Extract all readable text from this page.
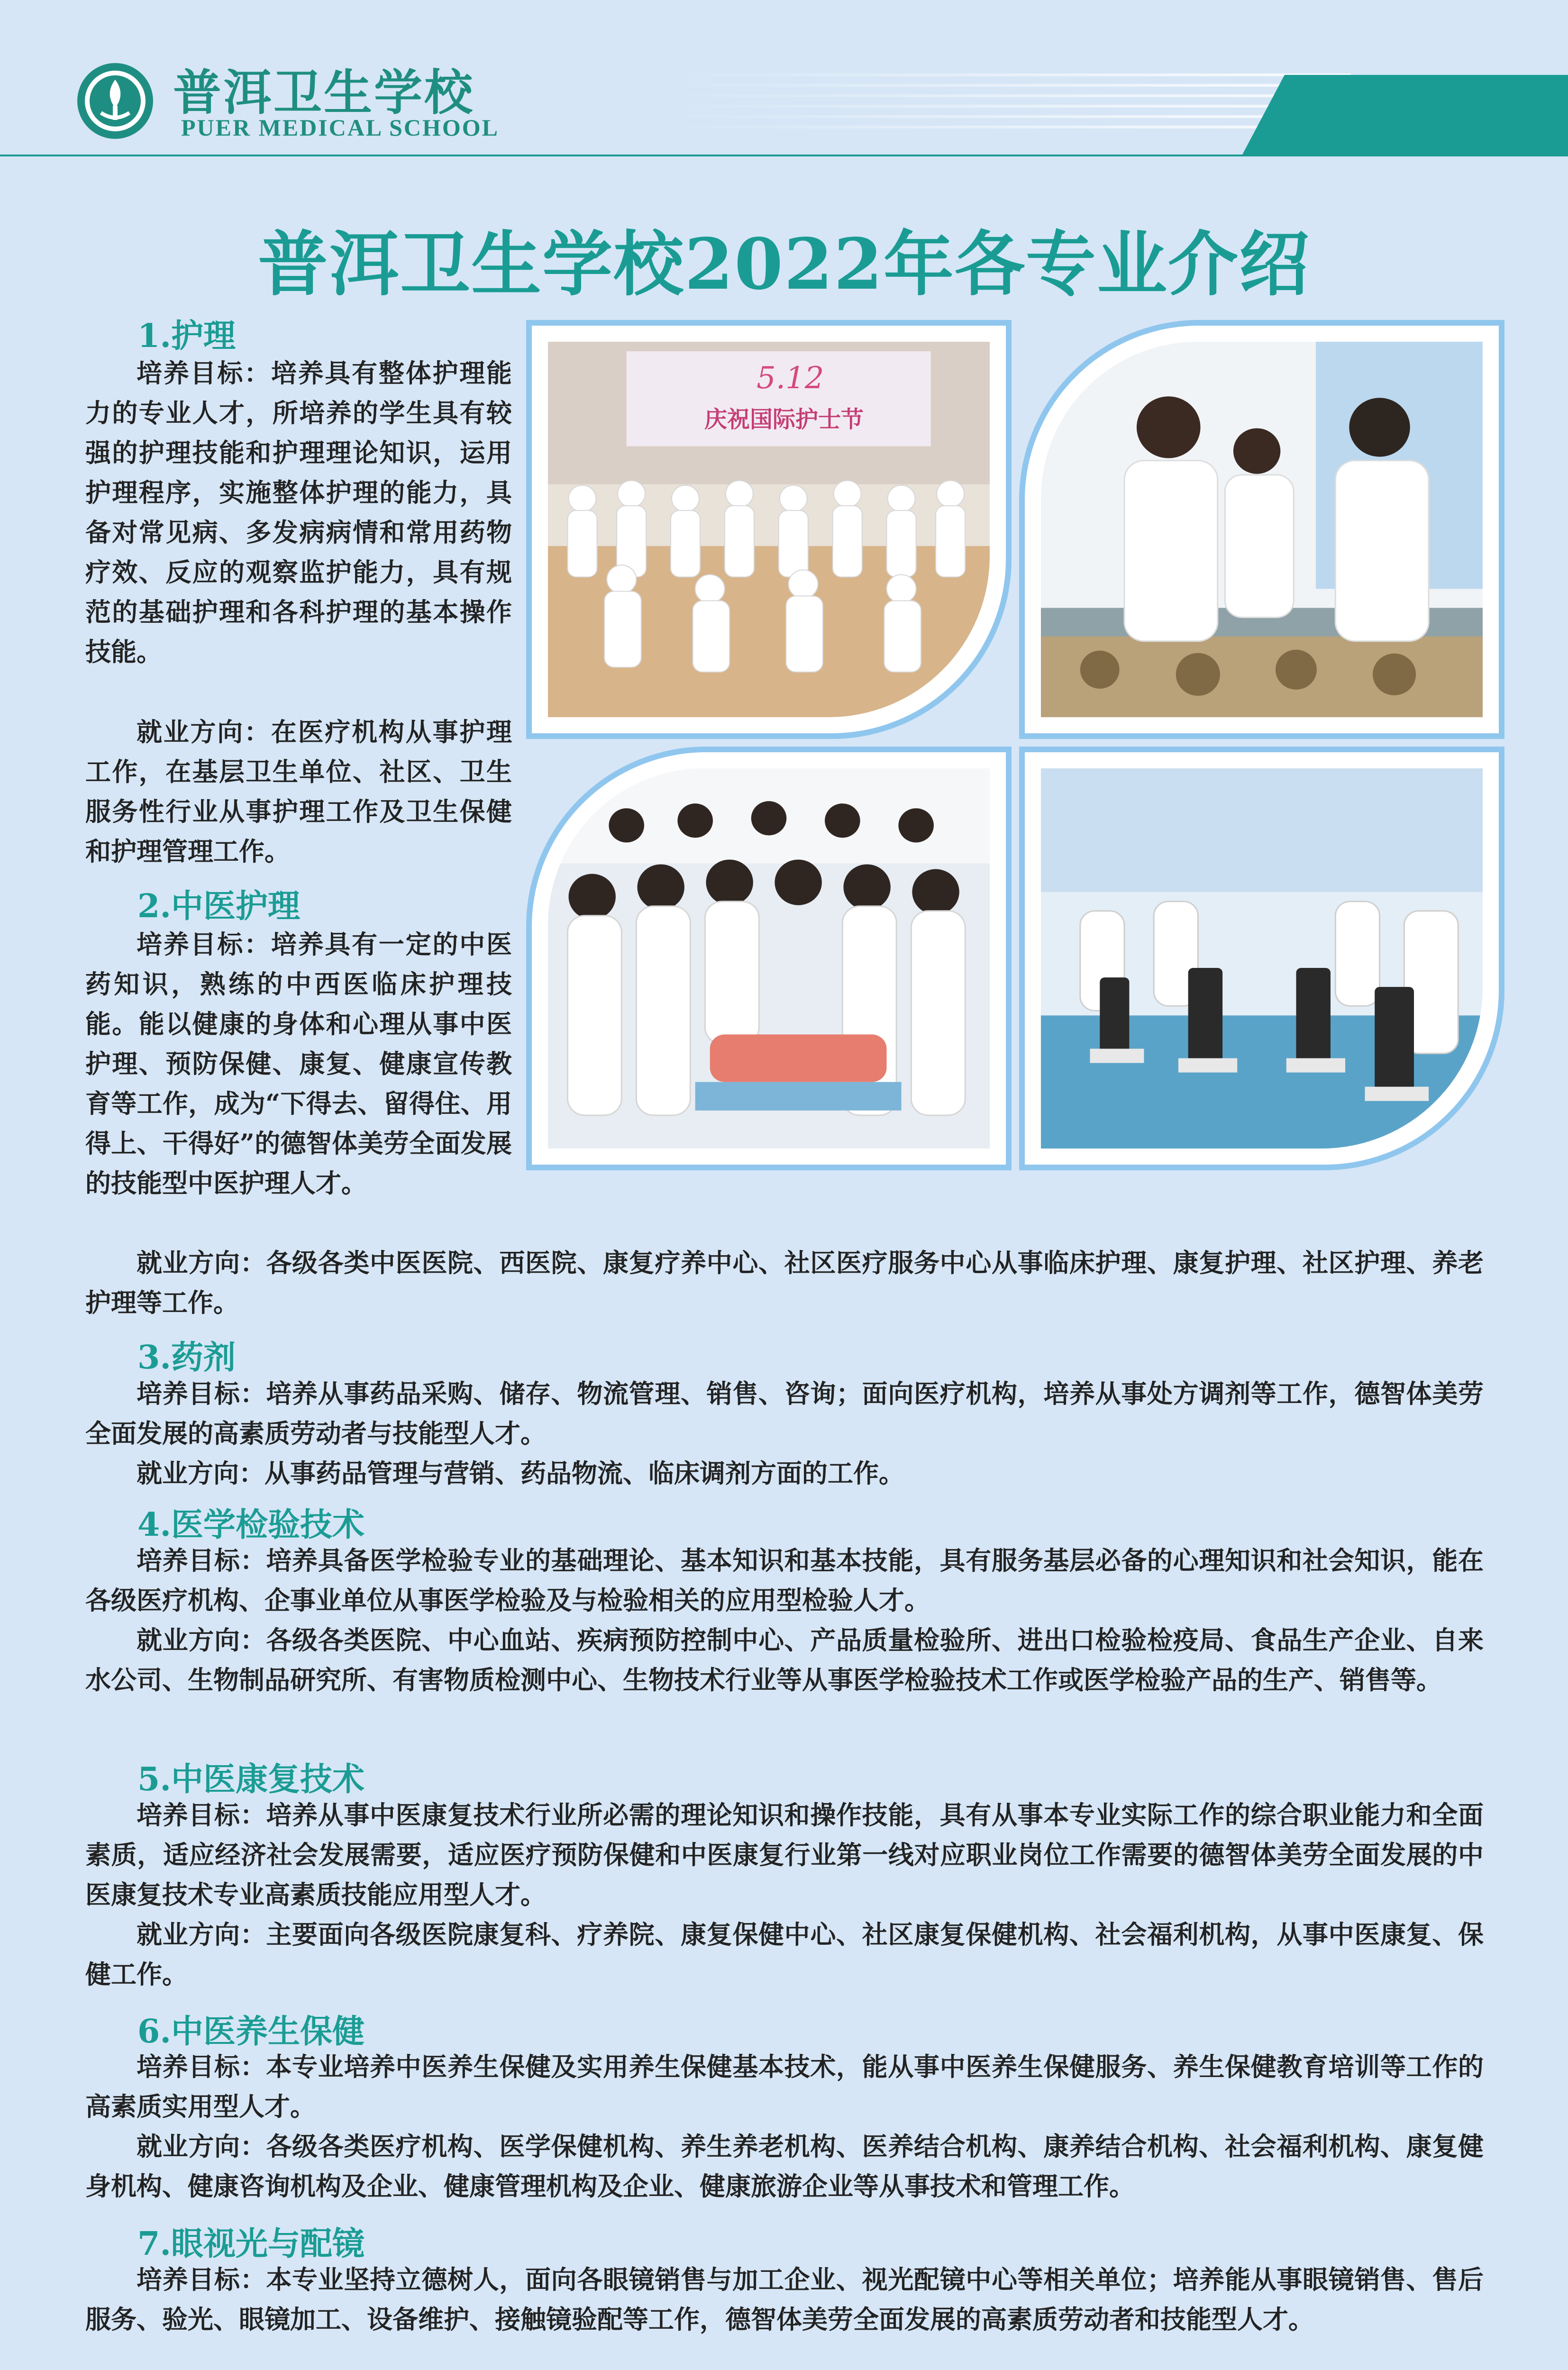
普洱卫生学校
PUER MEDICAL SCHOOL
普洱卫生学校2022年各专业介绍
5.12
庆祝国际护士节
1.护理

培养目标：培养具有整体护理能力的专业人才，所培养的学生具有较强的护理技能和护理理论知识，运用护理程序，实施整体护理的能力，具备对常见病、多发病病情和常用药物疗效、反应的观察监护能力，具有规范的基础护理和各科护理的基本操作技能。

就业方向：在医疗机构从事护理工作，在基层卫生单位、社区、卫生服务性行业从事护理工作及卫生保健和护理管理工作。

2.中医护理

培养目标：培养具有一定的中医药知识，熟练的中西医临床护理技能。能以健康的身体和心理从事中医护理、预防保健、康复、健康宣传教育等工作，成为“下得去、留得住、用得上、干得好”的德智体美劳全面发展的技能型中医护理人才。

就业方向：各级各类中医医院、西医院、康复疗养中心、社区医疗服务中心从事临床护理、康复护理、社区护理、养老护理等工作。

3.药剂

培养目标：培养从事药品采购、储存、物流管理、销售、咨询；面向医疗机构，培养从事处方调剂等工作，德智体美劳全面发展的高素质劳动者与技能型人才。

就业方向：从事药品管理与营销、药品物流、临床调剂方面的工作。

4.医学检验技术

培养目标：培养具备医学检验专业的基础理论、基本知识和基本技能，具有服务基层必备的心理知识和社会知识，能在各级医疗机构、企事业单位从事医学检验及与检验相关的应用型检验人才。

就业方向：各级各类医院、中心血站、疾病预防控制中心、产品质量检验所、进出口检验检疫局、食品生产企业、自来水公司、生物制品研究所、有害物质检测中心、生物技术行业等从事医学检验技术工作或医学检验产品的生产、销售等。

5.中医康复技术

培养目标：培养从事中医康复技术行业所必需的理论知识和操作技能，具有从事本专业实际工作的综合职业能力和全面素质，适应经济社会发展需要，适应医疗预防保健和中医康复行业第一线对应职业岗位工作需要的德智体美劳全面发展的中医康复技术专业高素质技能应用型人才。

就业方向：主要面向各级医院康复科、疗养院、康复保健中心、社区康复保健机构、社会福利机构，从事中医康复、保健工作。

6.中医养生保健

培养目标：本专业培养中医养生保健及实用养生保健基本技术，能从事中医养生保健服务、养生保健教育培训等工作的高素质实用型人才。

就业方向：各级各类医疗机构、医学保健机构、养生养老机构、医养结合机构、康养结合机构、社会福利机构、康复健身机构、健康咨询机构及企业、健康管理机构及企业、健康旅游企业等从事技术和管理工作。

7.眼视光与配镜

培养目标：本专业坚持立德树人，面向各眼镜销售与加工企业、视光配镜中心等相关单位；培养能从事眼镜销售、售后服务、验光、眼镜加工、设备维护、接触镜验配等工作，德智体美劳全面发展的高素质劳动者和技能型人才。
